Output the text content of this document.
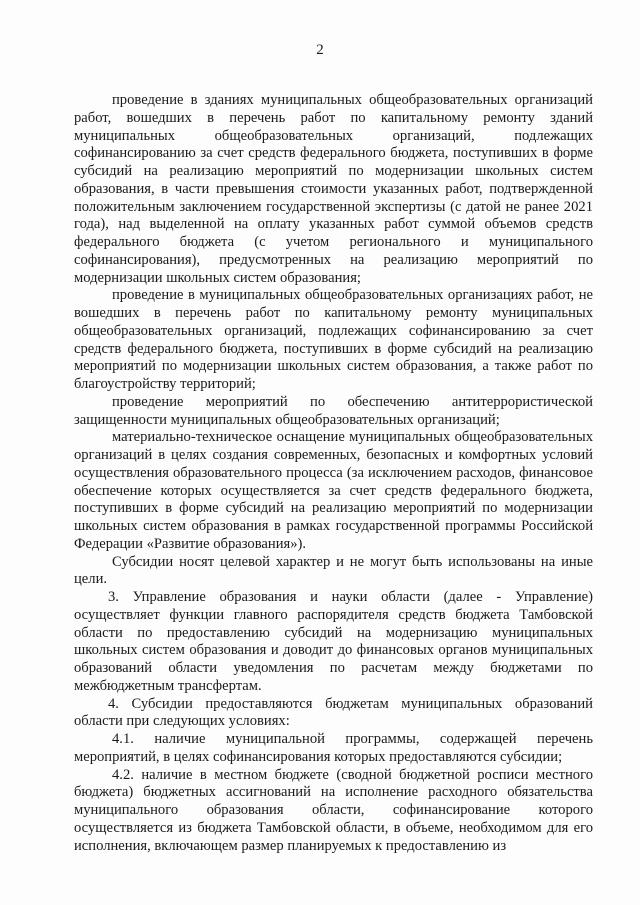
2

проведение в зданиях муниципальных общеобразовательных организаций работ, вошедших в перечень работ по капитальному ремонту зданий муниципальных общеобразовательных организаций, подлежащих софинансированию за счет средств федерального бюджета, поступивших в форме субсидий на реализацию мероприятий по модернизации школьных систем образования, в части превышения стоимости указанных работ, подтвержденной положительным заключением государственной экспертизы (с датой не ранее 2021 года), над выделенной на оплату указанных работ суммой объемов средств федерального бюджета (с учетом регионального и муниципального софинансирования), предусмотренных на реализацию мероприятий по модернизации школьных систем образования;

проведение в муниципальных общеобразовательных организациях работ, не вошедших в перечень работ по капитальному ремонту муниципальных общеобразовательных организаций, подлежащих софинансированию за счет средств федерального бюджета, поступивших в форме субсидий на реализацию мероприятий по модернизации школьных систем образования, а также работ по благоустройству территорий;

проведение мероприятий по обеспечению антитеррористической защищенности муниципальных общеобразовательных организаций;

материально-техническое оснащение муниципальных общеобразовательных организаций в целях создания современных, безопасных и комфортных условий осуществления образовательного процесса (за исключением расходов, финансовое обеспечение которых осуществляется за счет средств федерального бюджета, поступивших в форме субсидий на реализацию мероприятий по модернизации школьных систем образования в рамках государственной программы Российской Федерации «Развитие образования»).

Субсидии носят целевой характер и не могут быть использованы на иные цели.

3. Управление образования и науки области (далее - Управление) осуществляет функции главного распорядителя средств бюджета Тамбовской области по предоставлению субсидий на модернизацию муниципальных школьных систем образования и доводит до финансовых органов муниципальных образований области уведомления по расчетам между бюджетами по межбюджетным трансфертам.

4. Субсидии предоставляются бюджетам муниципальных образований области при следующих условиях:

4.1. наличие муниципальной программы, содержащей перечень мероприятий, в целях софинансирования которых предоставляются субсидии;

4.2. наличие в местном бюджете (сводной бюджетной росписи местного бюджета) бюджетных ассигнований на исполнение расходного обязательства муниципального образования области, софинансирование которого осуществляется из бюджета Тамбовской области, в объеме, необходимом для его исполнения, включающем размер планируемых к предоставлению из
